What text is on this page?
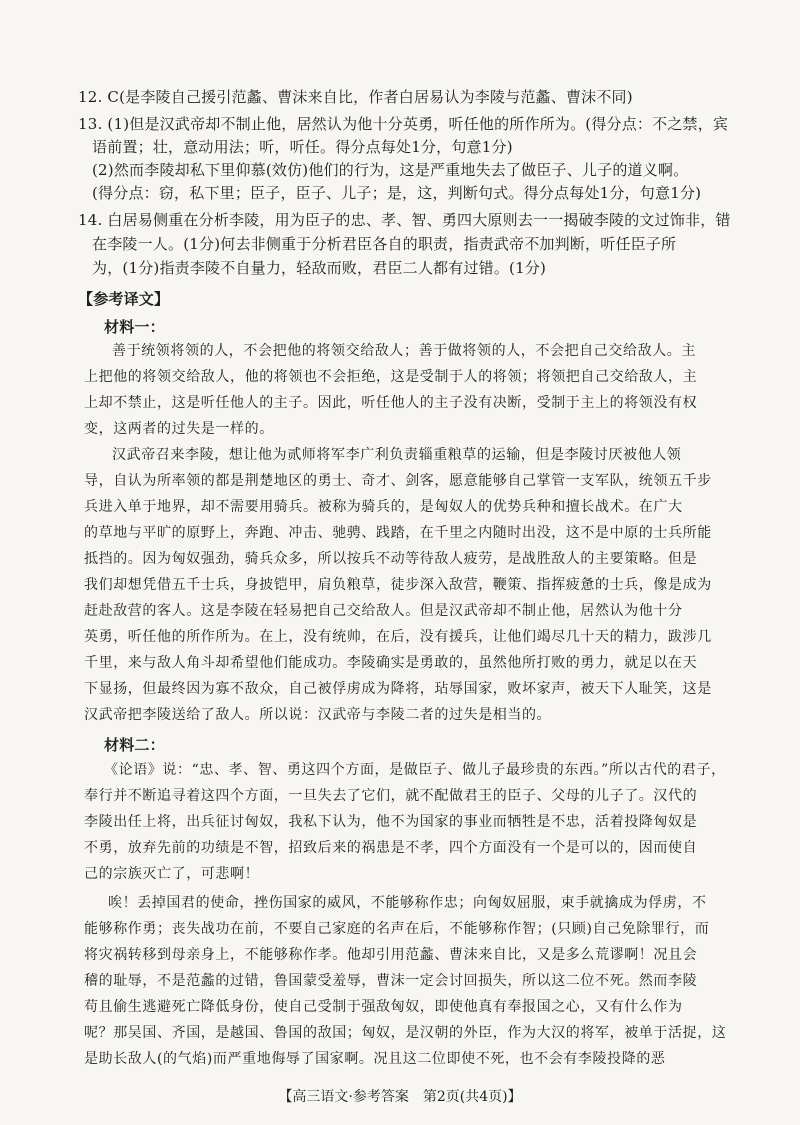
12. C(是李陵自己援引范蠡、曹沫来自比，作者白居易认为李陵与范蠡、曹沫不同)
13. (1)但是汉武帝却不制止他，居然认为他十分英勇，听任他的所作所为。(得分点：不之禁，宾
语前置；壮，意动用法；听，听任。得分点每处1分，句意1分)
(2)然而李陵却私下里仰慕(效仿)他们的行为，这是严重地失去了做臣子、儿子的道义啊。
(得分点：窃，私下里；臣子，臣子、儿子；是，这，判断句式。得分点每处1分，句意1分)
14. 白居易侧重在分析李陵，用为臣子的忠、孝、智、勇四大原则去一一揭破李陵的文过饰非，错
在李陵一人。(1分)何去非侧重于分析君臣各自的职责，指责武帝不加判断，听任臣子所
为，(1分)指责李陵不自量力，轻敌而败，君臣二人都有过错。(1分)
【参考译文】
材料一：
善于统领将领的人，不会把他的将领交给敌人；善于做将领的人，不会把自己交给敌人。主
上把他的将领交给敌人，他的将领也不会拒绝，这是受制于人的将领；将领把自己交给敌人，主
上却不禁止，这是听任他人的主子。因此，听任他人的主子没有决断，受制于主上的将领没有权
变，这两者的过失是一样的。
汉武帝召来李陵，想让他为贰师将军李广利负责辎重粮草的运输，但是李陵讨厌被他人领
导，自认为所率领的都是荆楚地区的勇士、奇才、剑客，愿意能够自己掌管一支军队，统领五千步
兵进入单于地界，却不需要用骑兵。被称为骑兵的，是匈奴人的优势兵种和擅长战术。在广大
的草地与平旷的原野上，奔跑、冲击、驰骋、践踏，在千里之内随时出没，这不是中原的士兵所能
抵挡的。因为匈奴强劲，骑兵众多，所以按兵不动等待敌人疲劳，是战胜敌人的主要策略。但是
我们却想凭借五千士兵，身披铠甲，肩负粮草，徒步深入敌营，鞭策、指挥疲惫的士兵，像是成为
赶赴敌营的客人。这是李陵在轻易把自己交给敌人。但是汉武帝却不制止他，居然认为他十分
英勇，听任他的所作所为。在上，没有统帅，在后，没有援兵，让他们竭尽几十天的精力，跋涉几
千里，来与敌人角斗却希望他们能成功。李陵确实是勇敢的，虽然他所打败的勇力，就足以在天
下显扬，但最终因为寡不敌众，自己被俘虏成为降将，玷辱国家，败坏家声，被天下人耻笑，这是
汉武帝把李陵送给了敌人。所以说：汉武帝与李陵二者的过失是相当的。
材料二：
《论语》说：“忠、孝、智、勇这四个方面，是做臣子、做儿子最珍贵的东西。”所以古代的君子，
奉行并不断追寻着这四个方面，一旦失去了它们，就不配做君王的臣子、父母的儿子了。汉代的
李陵出任上将，出兵征讨匈奴，我私下认为，他不为国家的事业而牺牲是不忠，活着投降匈奴是
不勇，放弃先前的功绩是不智，招致后来的祸患是不孝，四个方面没有一个是可以的，因而使自
己的宗族灭亡了，可悲啊！
唉！丢掉国君的使命，挫伤国家的威风，不能够称作忠；向匈奴屈服，束手就擒成为俘虏，不
能够称作勇；丧失战功在前，不要自己家庭的名声在后，不能够称作智；(只顾)自己免除罪行，而
将灾祸转移到母亲身上，不能够称作孝。他却引用范蠡、曹沫来自比，又是多么荒谬啊！况且会
稽的耻辱，不是范蠡的过错，鲁国蒙受羞辱，曹沫一定会讨回损失，所以这二位不死。然而李陵
苟且偷生逃避死亡降低身份，使自己受制于强敌匈奴，即使他真有奉报国之心，又有什么作为
呢？那吴国、齐国，是越国、鲁国的敌国；匈奴，是汉朝的外臣，作为大汉的将军，被单于活捉，这
是助长敌人(的气焰)而严重地侮辱了国家啊。况且这二位即使不死，也不会有李陵投降的恶
【高三语文·参考答案　第2页(共4页)】
